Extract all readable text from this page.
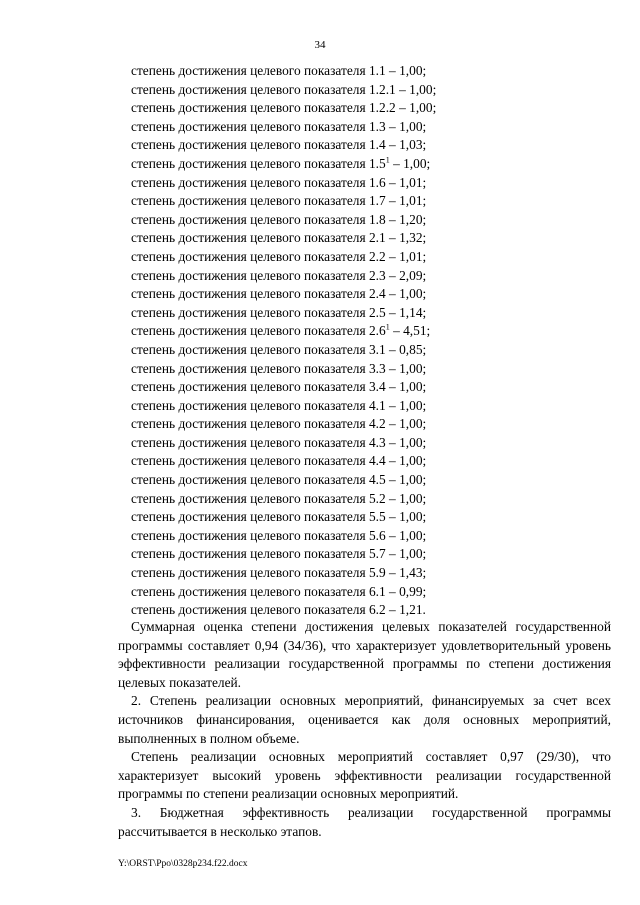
34
степень достижения целевого показателя 1.1 – 1,00;
степень достижения целевого показателя 1.2.1 – 1,00;
степень достижения целевого показателя 1.2.2 – 1,00;
степень достижения целевого показателя 1.3 – 1,00;
степень достижения целевого показателя 1.4 – 1,03;
степень достижения целевого показателя $1.5^1 - 1,00$;
степень достижения целевого показателя 1.6 – 1,01;
степень достижения целевого показателя 1.7 – 1,01;
степень достижения целевого показателя 1.8 – 1,20;
степень достижения целевого показателя 2.1 – 1,32;
степень достижения целевого показателя 2.2 – 1,01;
степень достижения целевого показателя 2.3 – 2,09;
степень достижения целевого показателя 2.4 – 1,00;
степень достижения целевого показателя 2.5 – 1,14;
степень достижения целевого показателя $2.6^1 - 4,51$;
степень достижения целевого показателя 3.1 – 0,85;
степень достижения целевого показателя 3.3 – 1,00;
степень достижения целевого показателя 3.4 – 1,00;
степень достижения целевого показателя 4.1 – 1,00;
степень достижения целевого показателя 4.2 – 1,00;
степень достижения целевого показателя 4.3 – 1,00;
степень достижения целевого показателя 4.4 – 1,00;
степень достижения целевого показателя 4.5 – 1,00;
степень достижения целевого показателя 5.2 – 1,00;
степень достижения целевого показателя 5.5 – 1,00;
степень достижения целевого показателя 5.6 – 1,00;
степень достижения целевого показателя 5.7 – 1,00;
степень достижения целевого показателя 5.9 – 1,43;
степень достижения целевого показателя 6.1 – 0,99;
степень достижения целевого показателя 6.2 – 1,21.

Суммарная оценка степени достижения целевых показателей государственной программы составляет 0,94 (34/36), что характеризует удовлетворительный уровень эффективности реализации государственной программы по степени достижения целевых показателей.

2. Степень реализации основных мероприятий, финансируемых за счет всех источников финансирования, оценивается как доля основных мероприятий, выполненных в полном объеме.

Степень реализации основных мероприятий составляет 0,97 (29/30), что характеризует высокий уровень эффективности реализации государственной программы по степени реализации основных мероприятий.

3. Бюджетная эффективность реализации государственной программы рассчитывается в несколько этапов.

Y:\ORST\Ppo\0328p234.f22.docx
